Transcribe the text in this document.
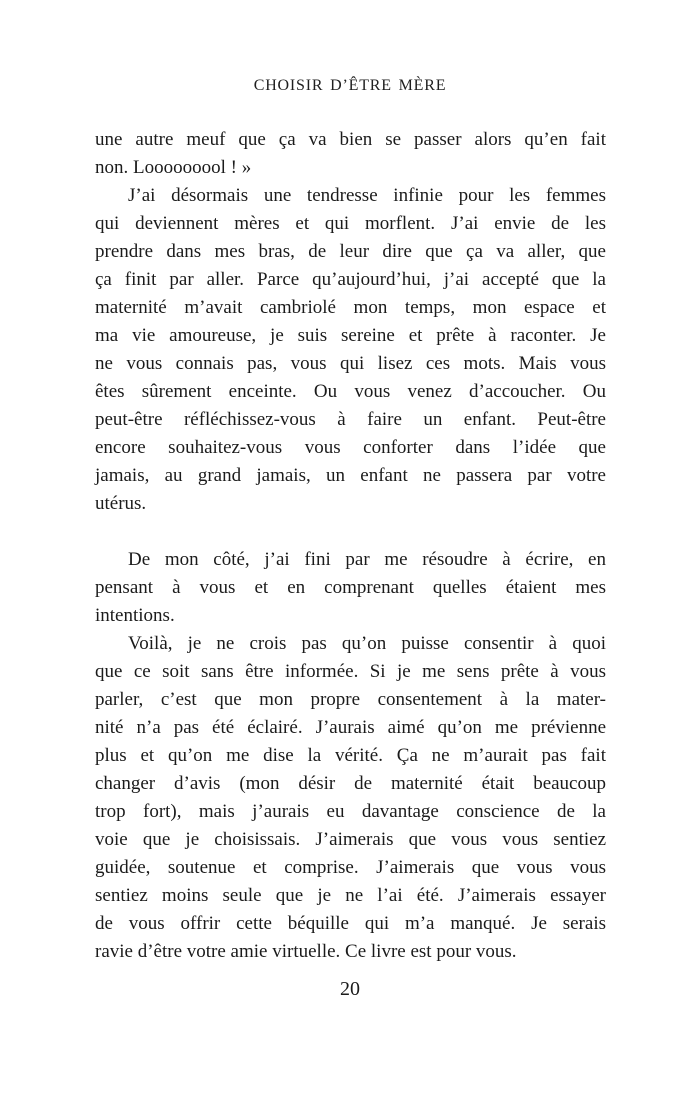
CHOISIR D’ÊTRE MÈRE
une autre meuf que ça va bien se passer alors qu’en fait
non. Looooooool ! »
J’ai désormais une tendresse infinie pour les femmes
qui deviennent mères et qui morflent. J’ai envie de les
prendre dans mes bras, de leur dire que ça va aller, que
ça finit par aller. Parce qu’aujourd’hui, j’ai accepté que la
maternité m’avait cambriolé mon temps, mon espace et
ma vie amoureuse, je suis sereine et prête à raconter. Je
ne vous connais pas, vous qui lisez ces mots. Mais vous
êtes sûrement enceinte. Ou vous venez d’accoucher. Ou
peut-être réfléchissez-vous à faire un enfant. Peut-être
encore souhaitez-vous vous conforter dans l’idée que
jamais, au grand jamais, un enfant ne passera par votre
utérus.
De mon côté, j’ai fini par me résoudre à écrire, en
pensant à vous et en comprenant quelles étaient mes
intentions.
Voilà, je ne crois pas qu’on puisse consentir à quoi
que ce soit sans être informée. Si je me sens prête à vous
parler, c’est que mon propre consentement à la mater-
nité n’a pas été éclairé. J’aurais aimé qu’on me prévienne
plus et qu’on me dise la vérité. Ça ne m’aurait pas fait
changer d’avis (mon désir de maternité était beaucoup
trop fort), mais j’aurais eu davantage conscience de la
voie que je choisissais. J’aimerais que vous vous sentiez
guidée, soutenue et comprise. J’aimerais que vous vous
sentiez moins seule que je ne l’ai été. J’aimerais essayer
de vous offrir cette béquille qui m’a manqué. Je serais
ravie d’être votre amie virtuelle. Ce livre est pour vous.
20
